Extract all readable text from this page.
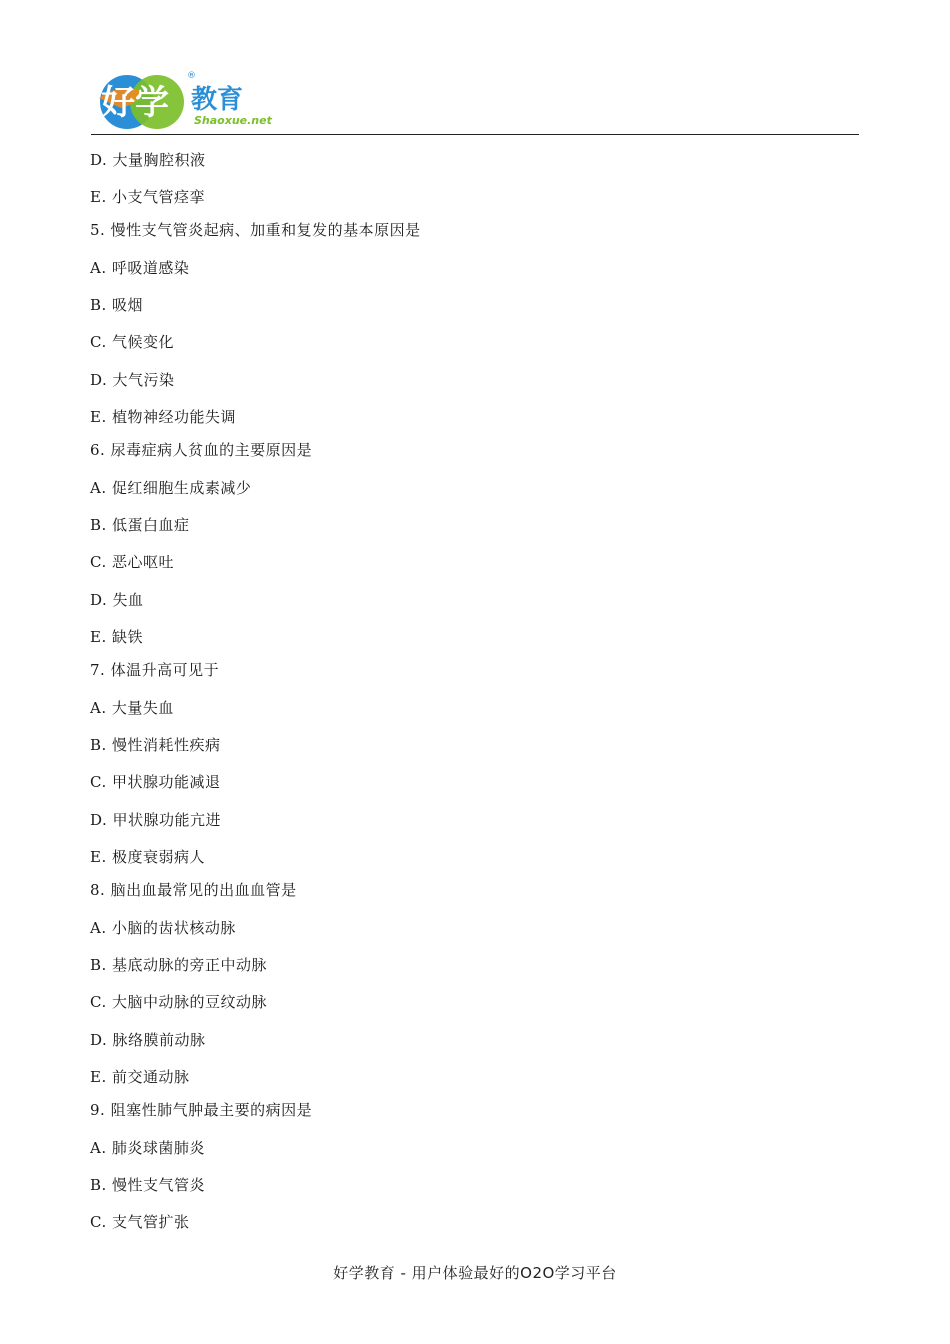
好学
®
教育
Shaoxue.net
D. 大量胸腔积液
E. 小支气管痉挛
5. 慢性支气管炎起病、加重和复发的基本原因是
A. 呼吸道感染
B. 吸烟
C. 气候变化
D. 大气污染
E. 植物神经功能失调
6. 尿毒症病人贫血的主要原因是
A. 促红细胞生成素减少
B. 低蛋白血症
C. 恶心呕吐
D. 失血
E. 缺铁
7. 体温升高可见于
A. 大量失血
B. 慢性消耗性疾病
C. 甲状腺功能减退
D. 甲状腺功能亢进
E. 极度衰弱病人
8. 脑出血最常见的出血血管是
A. 小脑的齿状核动脉
B. 基底动脉的旁正中动脉
C. 大脑中动脉的豆纹动脉
D. 脉络膜前动脉
E. 前交通动脉
9. 阻塞性肺气肿最主要的病因是
A. 肺炎球菌肺炎
B. 慢性支气管炎
C. 支气管扩张
好学教育 - 用户体验最好的O2O学习平台
